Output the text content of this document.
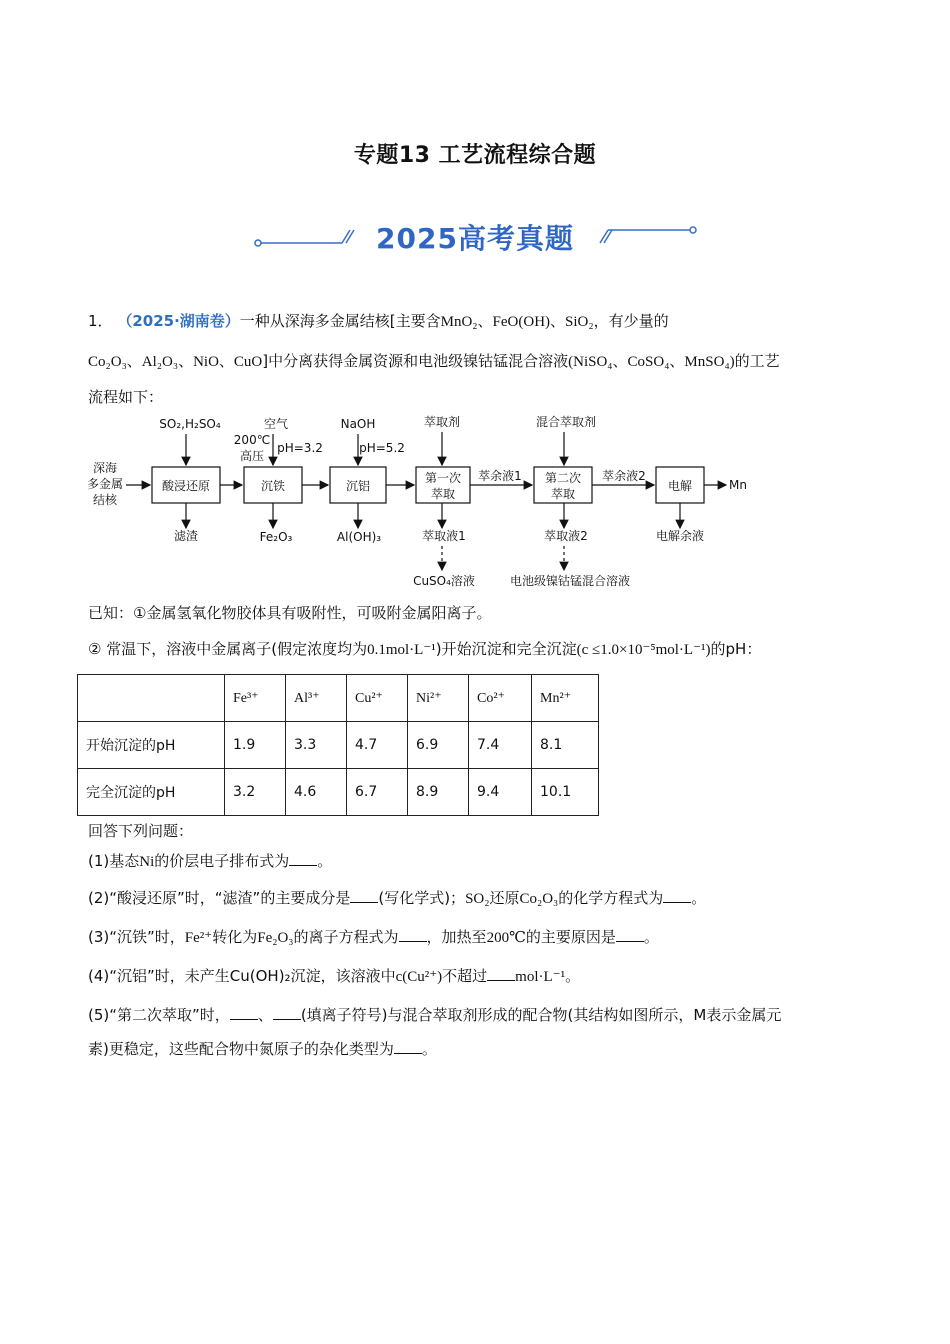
专题13 工艺流程综合题
2025高考真题
1． （2025·湖南卷）一种从深海多金属结核[主要含MnO₂、FeO(OH)、SiO₂，有少量的
Co₂O₃、Al₂O₃、NiO、CuO]中分离获得金属资源和电池级镍钴锰混合溶液(NiSO₄、CoSO₄、MnSO₄)的工艺
流程如下：
深海
多金属
结核
酸浸还原
SO₂,H₂SO₄
滤渣
沉铁
空气
200℃
高压
pH=3.2
Fe₂O₃
沉铝
NaOH
pH=5.2
Al(OH)₃
第一次
萃取
萃取剂
萃取液1
CuSO₄溶液
萃余液1 第二次
萃取
混合萃取剂
萃取液2
电池级镍钴锰混合溶液
萃余液2
电解
电解余液
Mn
已知：①金属氢氧化物胶体具有吸附性，可吸附金属阳离子。
② 常温下，溶液中金属离子(假定浓度均为0.1mol·L⁻¹)开始沉淀和完全沉淀(c ≤1.0×10⁻⁵mol·L⁻¹)的pH：
	Fe³⁺	Al³⁺	Cu²⁺	Ni²⁺	Co²⁺	Mn²⁺
开始沉淀的pH	1.9	3.3	4.7	6.9	7.4	8.1
完全沉淀的pH	3.2	4.6	6.7	8.9	9.4	10.1
回答下列问题：
(1)基态Ni的价层电子排布式为 。
(2)“酸浸还原”时，“滤渣”的主要成分是 (写化学式)；SO₂还原Co₂O₃的化学方程式为 。
(3)“沉铁”时，Fe²⁺转化为Fe₂O₃的离子方程式为 ，加热至200℃的主要原因是 。
(4)“沉铝”时，未产生Cu(OH)₂沉淀，该溶液中c(Cu²⁺)不超过 mol·L⁻¹。
(5)“第二次萃取”时， 、 (填离子符号)与混合萃取剂形成的配合物(其结构如图所示，M表示金属元
素)更稳定，这些配合物中氮原子的杂化类型为 。
